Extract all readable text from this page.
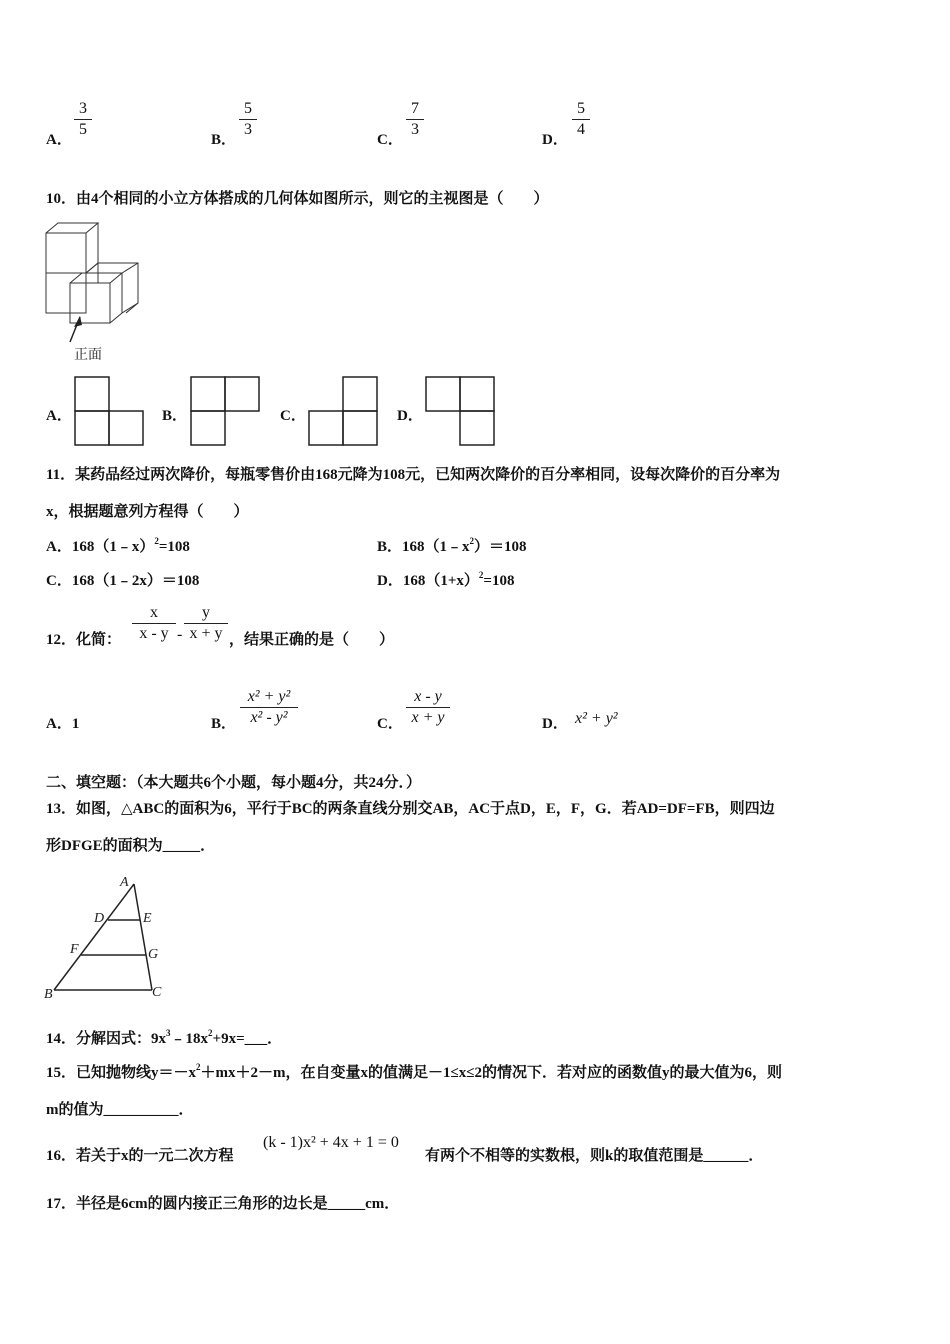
A．
3
5
B．
5
3
C．
7
3
D．
5
4
10．由4个相同的小立方体搭成的几何体如图所示，则它的主视图是（　　）
正面
A．	B．	C．	D．
11．某药品经过两次降价，每瓶零售价由168元降为108元，已知两次降价的百分率相同，设每次降价的百分率为
x，根据题意列方程得（　　）
A．168（1﹣x）$^2$=108	B．$168(1﹣x^2)=108$
C．168（1﹣2x）＝108	D．$168(1+x)^2=108$
12．化简：
x
x - y -
y
x + y ，结果正确的是（　　）
A．1	B．
x² + y²
x² - y²	C．
x - y
x + y	D． x² + y²
二、填空题：（本大题共6个小题，每小题4分，共24分．）
13．如图，△ABC的面积为6，平行于BC的两条直线分别交AB，AC于点D，E，F，G．若AD=DF=FB，则四边
形DFGE的面积为_____．
A
D	E
F	G
B	C
14．分解因式：$9x^3﹣18x^2+9x=\_\_\_$．
15．已知抛物线$y=-x^2+mx+2-m$，在自变量x的值满足－1≤x≤2的情况下．若对应的函数值y的最大值为6，则
m的值为__________．
16．若关于x的一元二次方程
(k - 1)x² + 4x + 1 = 0
有两个不相等的实数根，则k的取值范围是______．
17．半径是6cm的圆内接正三角形的边长是_____cm．
